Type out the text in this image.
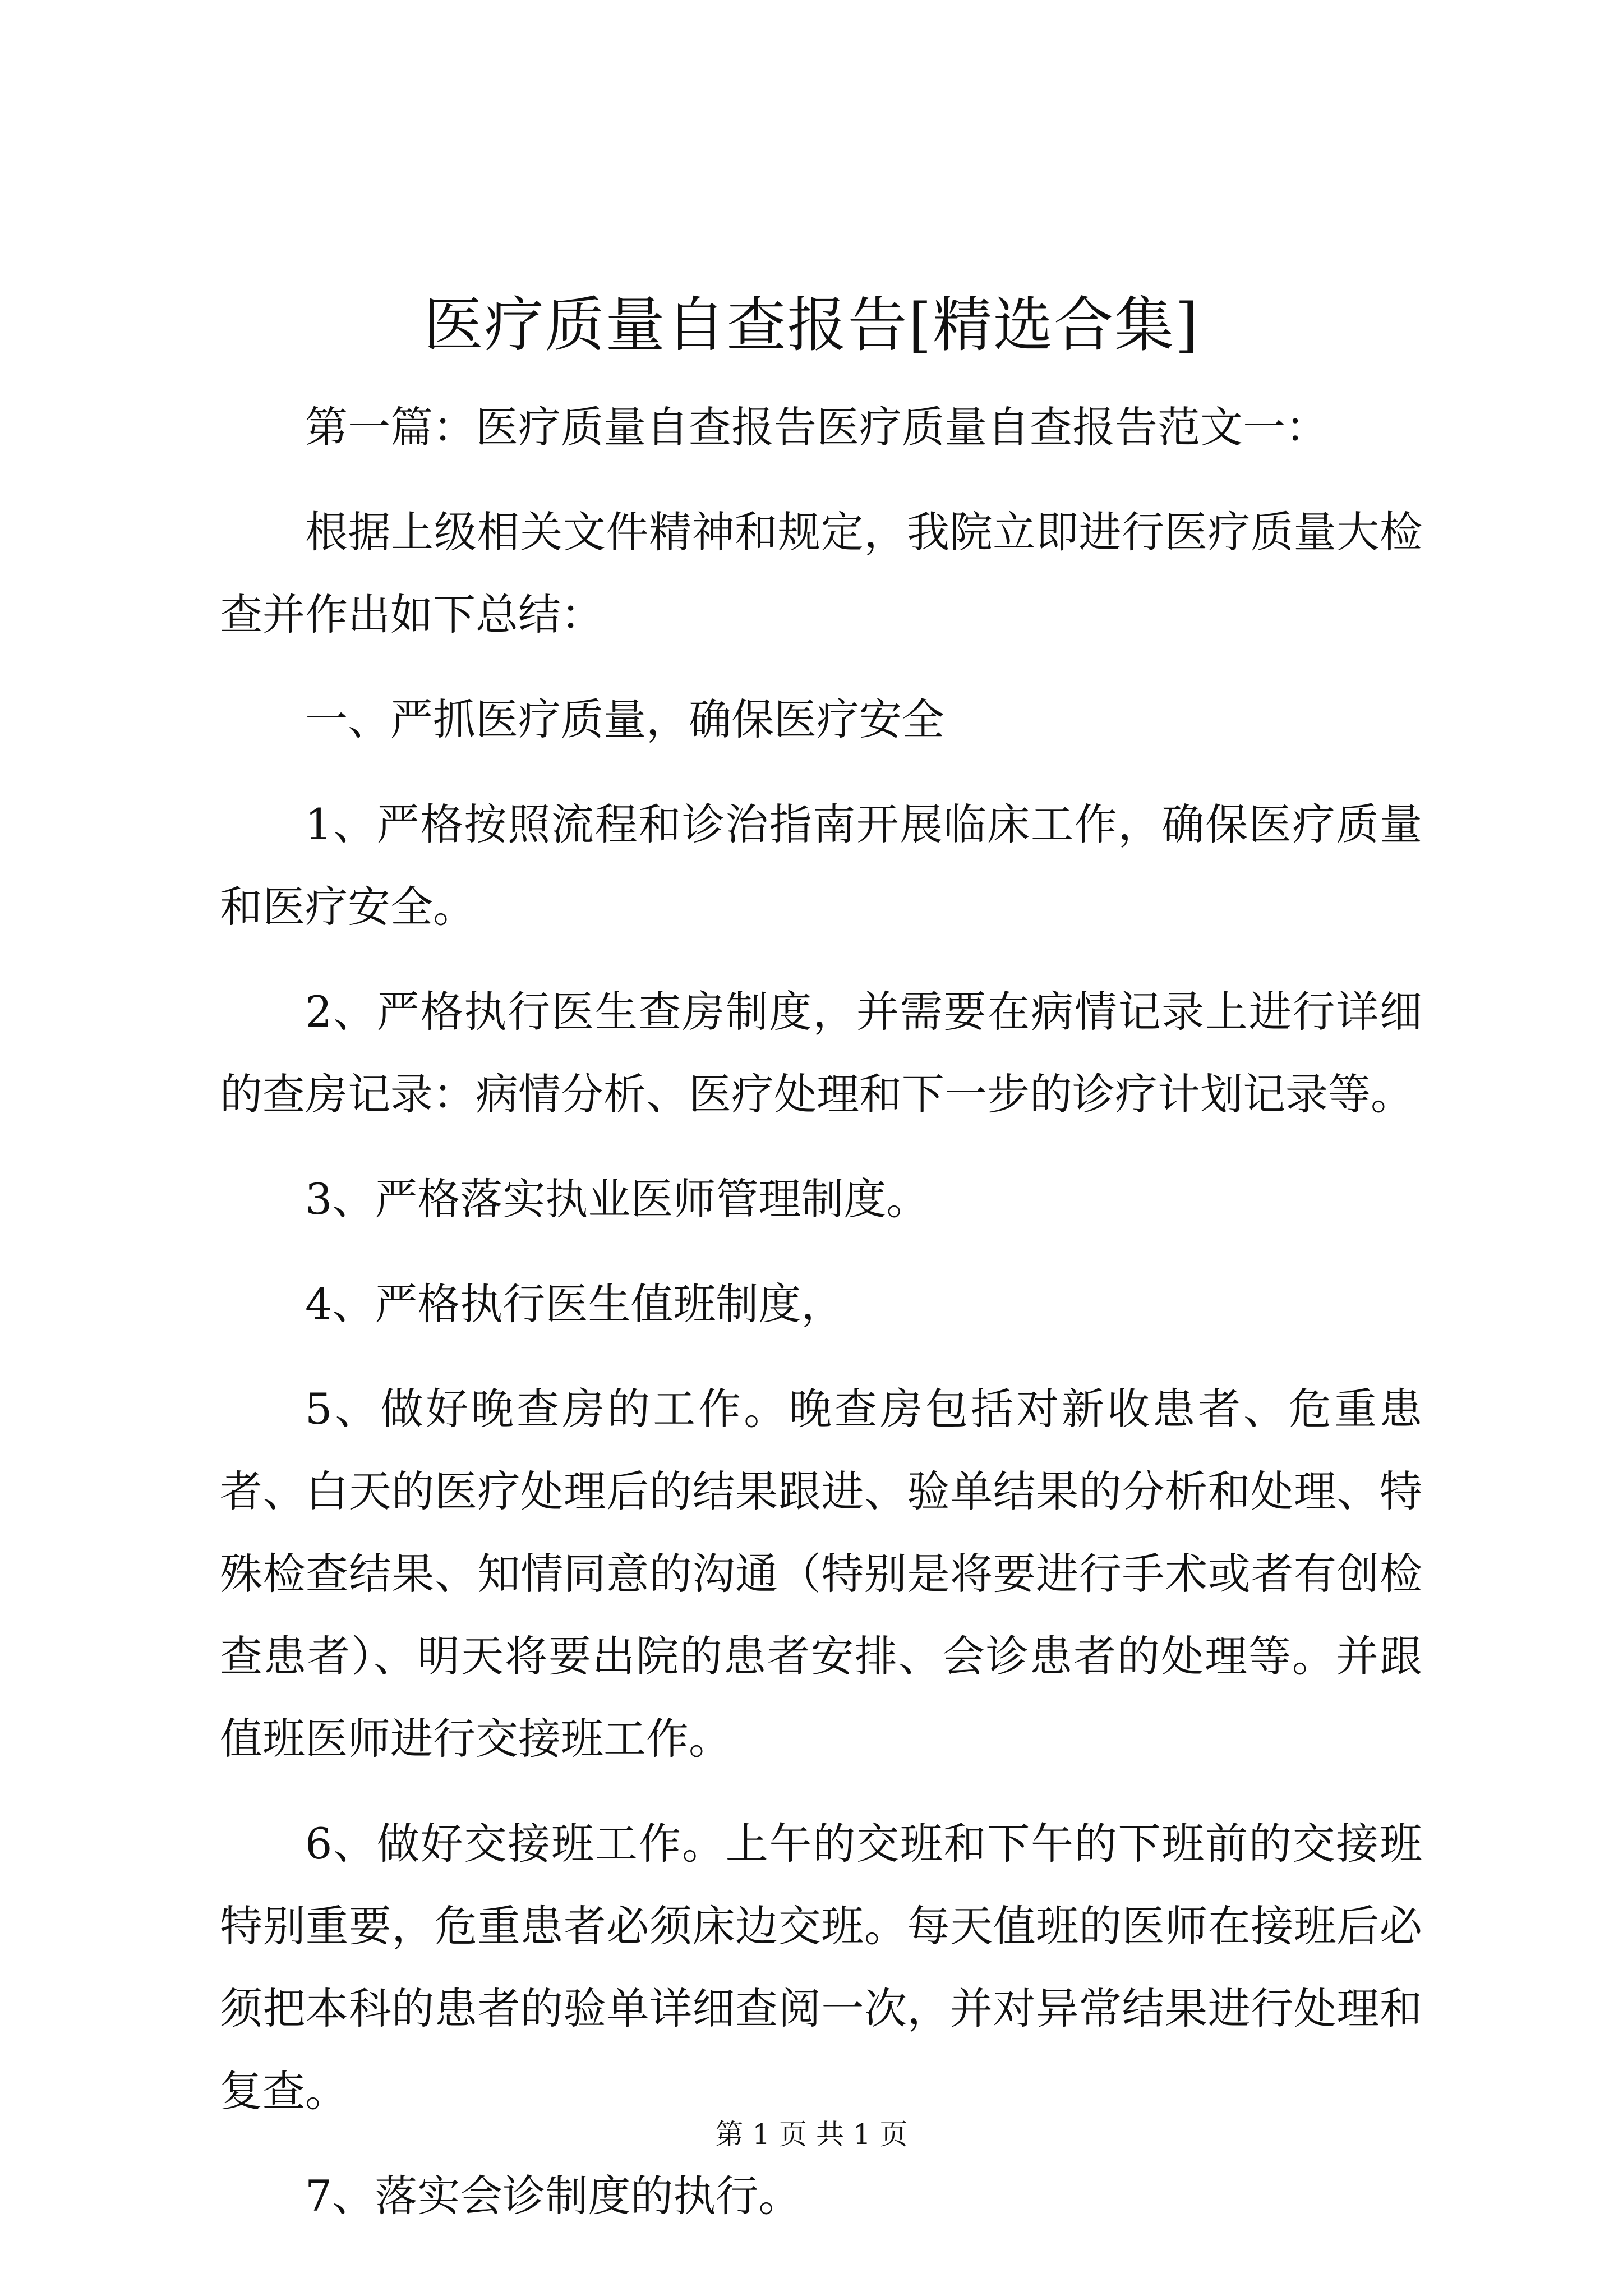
医疗质量自查报告[精选合集]

第一篇：医疗质量自查报告医疗质量自查报告范文一：

根据上级相关文件精神和规定，我院立即进行医疗质量大检查并作出如下总结：

一、严抓医疗质量，确保医疗安全

1、严格按照流程和诊治指南开展临床工作，确保医疗质量和医疗安全。

2、严格执行医生查房制度，并需要在病情记录上进行详细的查房记录：病情分析、医疗处理和下一步的诊疗计划记录等。

3、严格落实执业医师管理制度。

4、严格执行医生值班制度，

5、做好晚查房的工作。晚查房包括对新收患者、危重患者、白天的医疗处理后的结果跟进、验单结果的分析和处理、特殊检查结果、知情同意的沟通（特别是将要进行手术或者有创检查患者）、明天将要出院的患者安排、会诊患者的处理等。并跟值班医师进行交接班工作。

6、做好交接班工作。上午的交班和下午的下班前的交接班特别重要，危重患者必须床边交班。每天值班的医师在接班后必须把本科的患者的验单详细查阅一次，并对异常结果进行处理和复查。

7、落实会诊制度的执行。

第 1 页 共 1 页
